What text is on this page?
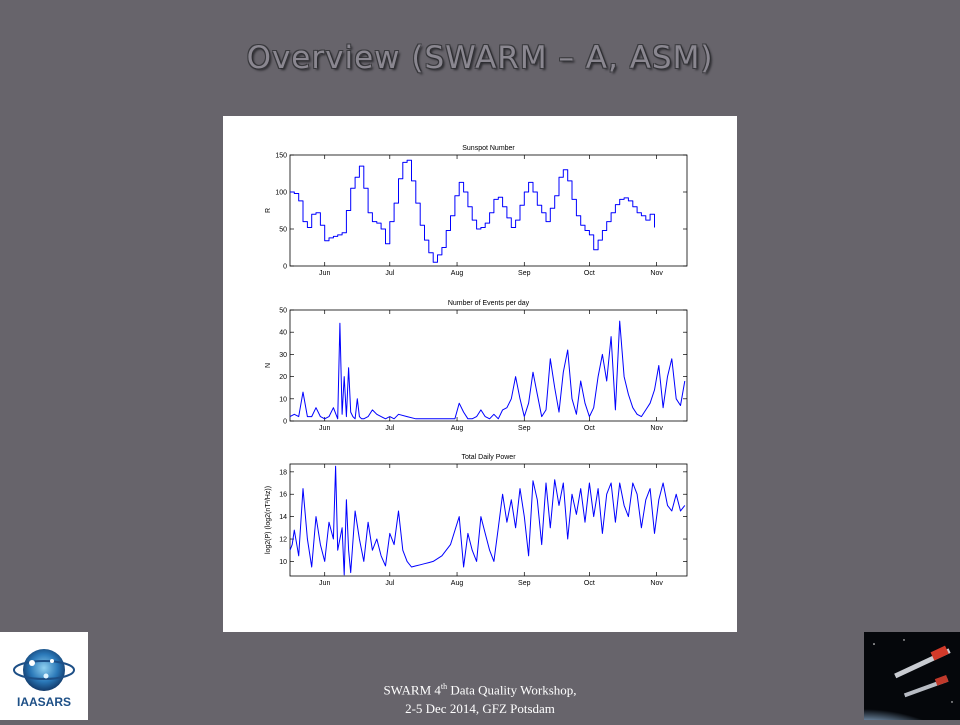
Overview (SWARM – A, ASM)
Sunspot Number
R
0
50
100
150
Jun	Jul	Aug	Sep	Oct	Nov
Number of Events per day
N
0
10
20
30
40
50
Jun	Jul	Aug	Sep	Oct	Nov
Total Daily Power
log2(P) (log2(nT²/Hz))
10
12
14
16
18
Jun	Jul	Aug	Sep	Oct	Nov
IAASARS
SWARM 4th Data Quality Workshop,
2-5 Dec 2014, GFZ Potsdam
